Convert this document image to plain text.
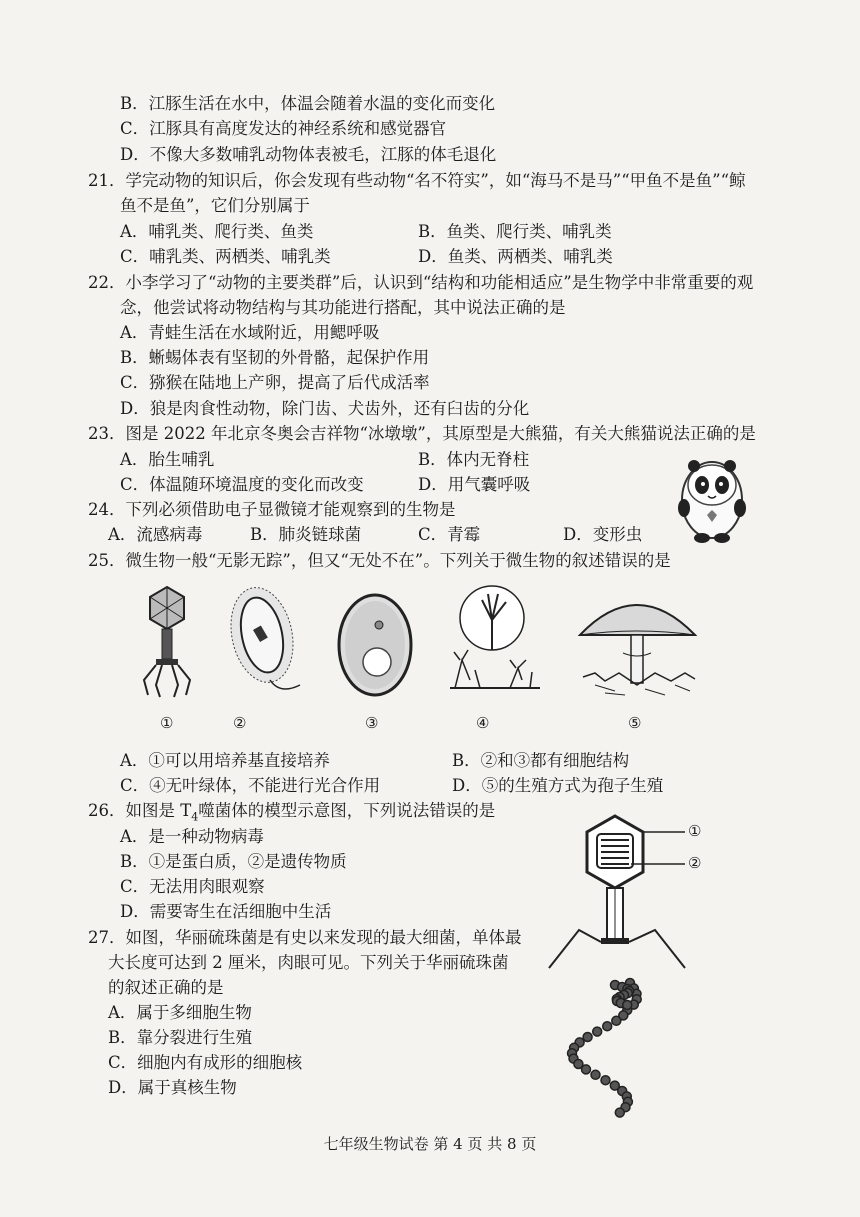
B．江豚生活在水中，体温会随着水温的变化而变化
C．江豚具有高度发达的神经系统和感觉器官
D．不像大多数哺乳动物体表被毛，江豚的体毛退化
21．学完动物的知识后，你会发现有些动物“名不符实”，如“海马不是马”“甲鱼不是鱼”“鲸
鱼不是鱼”，它们分别属于
A．哺乳类、爬行类、鱼类	B．鱼类、爬行类、哺乳类
C．哺乳类、两栖类、哺乳类	D．鱼类、两栖类、哺乳类
22．小李学习了“动物的主要类群”后，认识到“结构和功能相适应”是生物学中非常重要的观
念，他尝试将动物结构与其功能进行搭配，其中说法正确的是
A．青蛙生活在水域附近，用鳃呼吸
B．蜥蜴体表有坚韧的外骨骼，起保护作用
C．猕猴在陆地上产卵，提高了后代成活率
D．狼是肉食性动物，除门齿、犬齿外，还有臼齿的分化
23．图是 2022 年北京冬奥会吉祥物“冰墩墩”，其原型是大熊猫，有关大熊猫说法正确的是
A．胎生哺乳	B．体内无脊柱
C．体温随环境温度的变化而改变	D．用气囊呼吸
24．下列必须借助电子显微镜才能观察到的生物是
A．流感病毒	B．肺炎链球菌	C．青霉	D．变形虫
25．微生物一般“无影无踪”，但又“无处不在”。下列关于微生物的叙述错误的是
①	②	③	④	⑤
A．①可以用培养基直接培养	B．②和③都有细胞结构
C．④无叶绿体，不能进行光合作用	D．⑤的生殖方式为孢子生殖
26．如图是 $T_4$噬菌体的模型示意图，下列说法错误的是
A．是一种动物病毒
B．①是蛋白质，②是遗传物质
C．无法用肉眼观察
D．需要寄生在活细胞中生活
①
②
27．如图，华丽硫珠菌是有史以来发现的最大细菌，单体最
大长度可达到 2 厘米，肉眼可见。下列关于华丽硫珠菌
的叙述正确的是
A．属于多细胞生物
B．靠分裂进行生殖
C．细胞内有成形的细胞核
D．属于真核生物
七年级生物试卷 第 4 页 共 8 页
